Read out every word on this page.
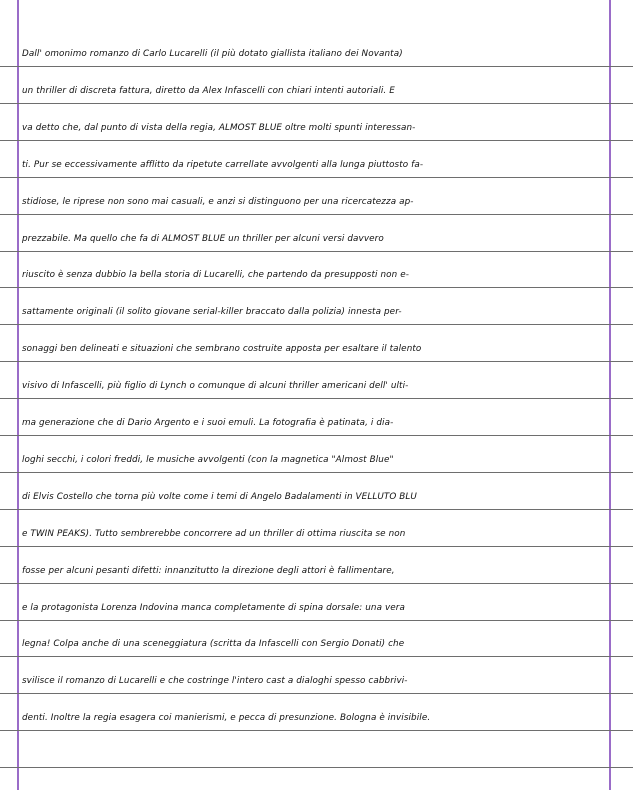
Dall' omonimo romanzo di Carlo Lucarelli (il più dotato giallista italiano dei Novanta)
un thriller di discreta fattura, diretto da Alex Infascelli con chiari intenti autoriali. E
va detto che, dal punto di vista della regia, ALMOST BLUE oltre molti spunti interessan-
ti. Pur se eccessivamente afflitto da ripetute carrellate avvolgenti alla lunga piuttosto fa-
stidiose, le riprese non sono mai casuali, e anzi si distinguono per una ricercatezza ap-
prezzabile. Ma quello che fa di ALMOST BLUE un thriller per alcuni versi davvero
riuscito è senza dubbio la bella storia di Lucarelli, che partendo da presupposti non e-
sattamente originali (il solito giovane serial-killer braccato dalla polizia) innesta per-
sonaggi ben delineati e situazioni che sembrano costruite apposta per esaltare il talento
visivo di Infascelli, più figlio di Lynch o comunque di alcuni thriller americani dell' ulti-
ma generazione che di Dario Argento e i suoi emuli. La fotografia è patinata, i dia-
loghi secchi, i colori freddi, le musiche avvolgenti (con la magnetica "Almost Blue"
di Elvis Costello che torna più volte come i temi di Angelo Badalamenti in VELLUTO BLU
e TWIN PEAKS). Tutto sembrerebbe concorrere ad un thriller di ottima riuscita se non
fosse per alcuni pesanti difetti: innanzitutto la direzione degli attori è fallimentare,
e la protagonista Lorenza Indovina manca completamente di spina dorsale: una vera
legna! Colpa anche di una sceneggiatura (scritta da Infascelli con Sergio Donati) che
svilisce il romanzo di Lucarelli e che costringe l'intero cast a dialoghi spesso cabbrivi-
denti. Inoltre la regia esagera coi manierismi, e pecca di presunzione. Bologna è invisibile.
